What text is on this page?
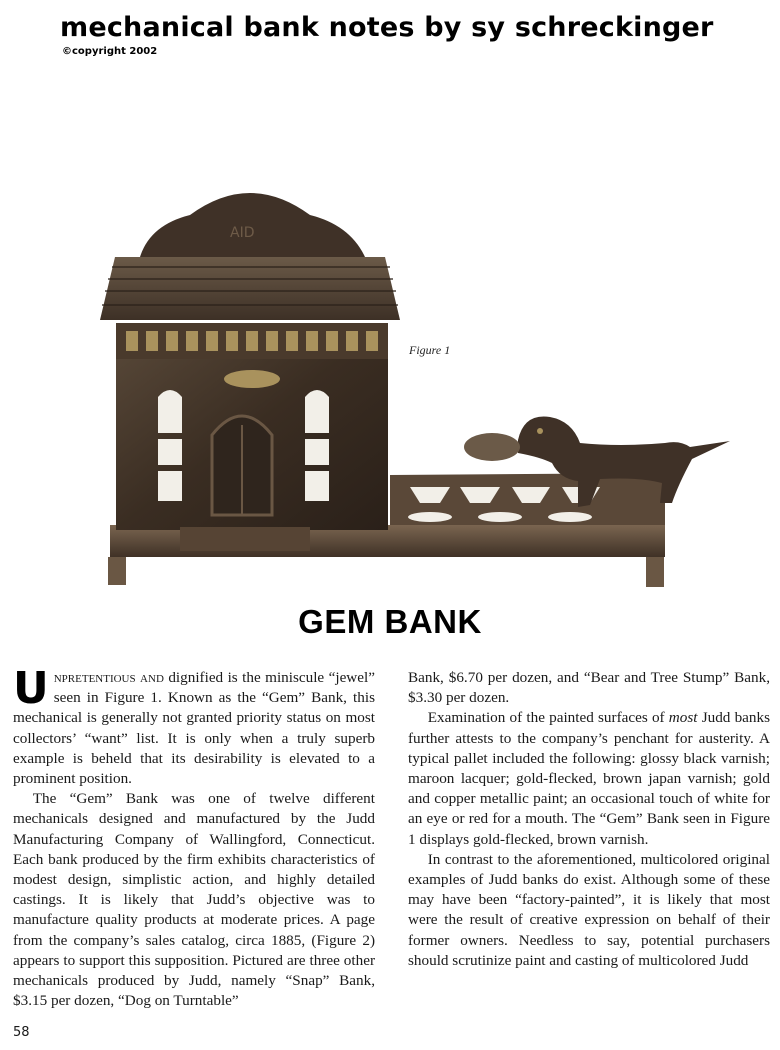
mechanical bank notes by sy schreckinger
©copyright 2002
AID
Figure 1
GEM BANK

Unpretentious and dignified is the miniscule “jewel” seen in Figure 1. Known as the “Gem” Bank, this mechanical is generally not granted priority status on most collectors’ “want” list. It is only when a truly superb example is beheld that its desirability is elevated to a prominent position.

The “Gem” Bank was one of twelve different mechanicals designed and manufactured by the Judd Manufacturing Company of Wallingford, Connecticut. Each bank produced by the firm exhibits characteristics of modest design, simplistic action, and highly detailed castings. It is likely that Judd’s objective was to manufacture quality products at moderate prices. A page from the company’s sales catalog, circa 1885, (Figure 2) appears to support this supposition. Pictured are three other mechanicals produced by Judd, namely “Snap” Bank, $3.15 per dozen, “Dog on Turntable”

Bank, $6.70 per dozen, and “Bear and Tree Stump” Bank, $3.30 per dozen.

Examination of the painted surfaces of most Judd banks further attests to the company’s penchant for austerity. A typical pallet included the following: glossy black varnish; maroon lacquer; gold-flecked, brown japan varnish; gold and copper metallic paint; an occasional touch of white for an eye or red for a mouth. The “Gem” Bank seen in Figure 1 displays gold-flecked, brown varnish.

In contrast to the aforementioned, multicolored original examples of Judd banks do exist. Although some of these may have been “factory-painted”, it is likely that most were the result of creative expression on behalf of their former owners. Needless to say, potential purchasers should scrutinize paint and casting of multicolored Judd

58
